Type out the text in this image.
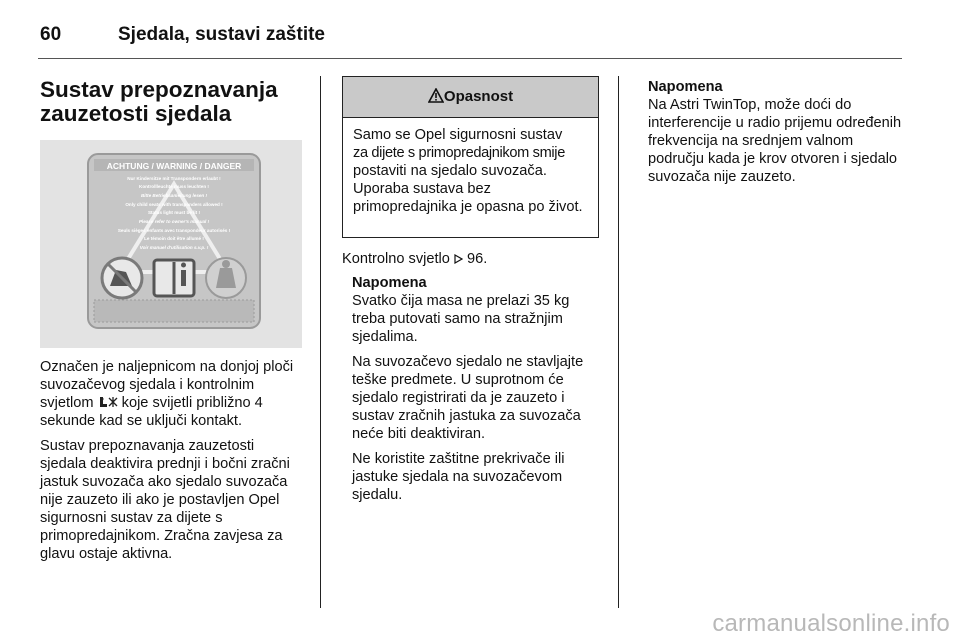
60	Sjedala, sustavi zaštite
Sustav prepoznavanja zauzetosti sjedala
ACHTUNG / WARNING / DANGER
Nur Kindersitze mit Transpondern erlaubt !
Kontrollleuchte muss leuchten !
Bitte Betriebsanleitung lesen !
Only child seats with transponders allowed !
Status light must be lit !
Please refer to owner's manual !
Seuls sièges enfants avec transpondeur autorisés !
Le témoin doit être allumé !
Voir manuel d'utilisation s.v.p. !

Označen je naljepnicom na donjoj ploči suvozačevog sjedala i kontrolnim svjetlom koje svijetli približno 4 sekunde kad se uključi kontakt.

Sustav prepoznavanja zauzetosti sjedala deaktivira prednji i bočni zračni jastuk suvozača ako sjedalo suvozača nije zauzeto ili ako je postavljen Opel sigurnosni sustav za dijete s primopredajnikom. Zračna zavjesa za glavu ostaje aktivna.

Opasnost
Samo se Opel sigurnosni sustav
za dijete s primopredajnikom smije
postaviti na sjedalo suvozača. Uporaba sustava bez primopredajnika je opasna po život.

Kontrolno svjetlo 96.

Napomena

Svatko čija masa ne prelazi 35 kg treba putovati samo na stražnjim sjedalima.

Na suvozačevo sjedalo ne stavljajte teške predmete. U suprotnom će sjedalo registrirati da je zauzeto i sustav zračnih jastuka za suvozača neće biti deaktiviran.

Ne koristite zaštitne prekrivače ili jastuke sjedala na suvozačevom sjedalu.

Napomena

Na Astri TwinTop, može doći do interferencije u radio prijemu određenih frekvencija na srednjem valnom području kada je krov otvoren i sjedalo suvozača nije zauzeto.

carmanualsonline.info
